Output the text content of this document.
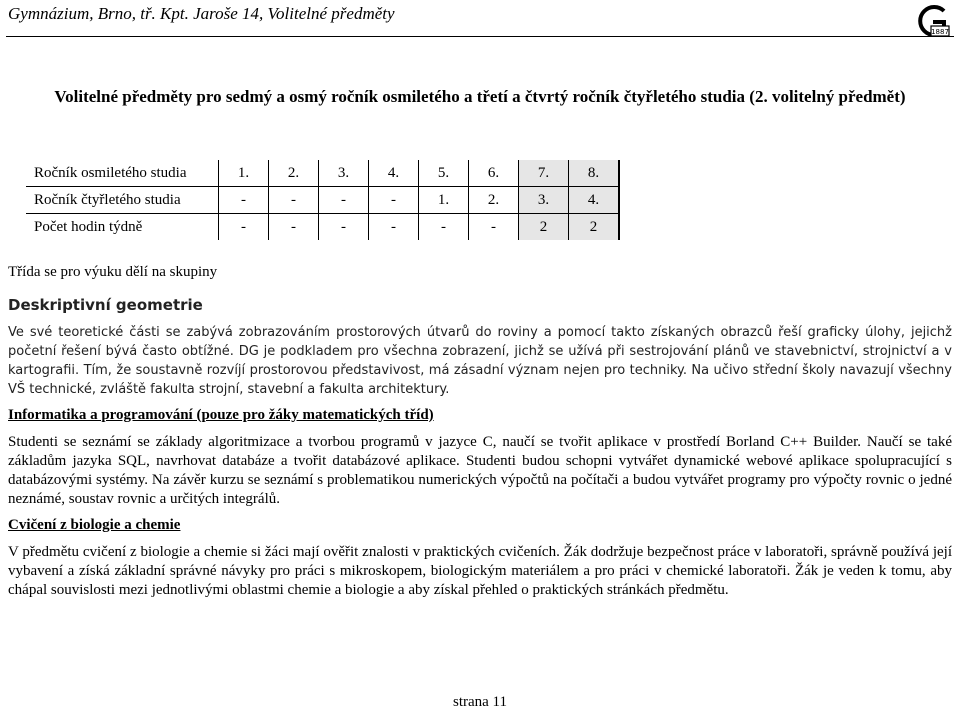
Gymnázium, Brno, tř. Kpt. Jaroše 14, Volitelné předměty
1887
Volitelné předměty pro sedmý a osmý ročník osmiletého a třetí a čtvrtý ročník čtyřletého studia (2. volitelný předmět)
Ročník osmiletého studia	1.	2.	3.	4.	5.	6.	7.	8.
Ročník čtyřletého studia	-	-	-	-	1.	2.	3.	4.
Počet hodin týdně	-	-	-	-	-	-	2	2
Třída se pro výuku dělí na skupiny
Deskriptivní geometrie

Ve své teoretické části se zabývá zobrazováním prostorových útvarů do roviny a pomocí takto získaných obrazců řeší graficky úlohy, jejichž početní řešení bývá často obtížné. DG je podkladem pro všechna zobrazení, jichž se užívá při sestrojování plánů ve stavebnictví, strojnictví a v kartografii. Tím, že soustavně rozvíjí prostorovou představivost, má zásadní význam nejen pro techniky. Na učivo střední školy navazují všechny VŠ technické, zvláště fakulta strojní, stavební a fakulta architektury.

Informatika a programování (pouze pro žáky matematických tříd)

Studenti se seznámí se základy algoritmizace a tvorbou programů v jazyce C, naučí se tvořit aplikace v prostředí Borland C++ Builder. Naučí se také základům jazyka SQL, navrhovat databáze a tvořit databázové aplikace. Studenti budou schopni vytvářet dynamické webové aplikace spolupracující s databázovými systémy. Na závěr kurzu se seznámí s problematikou numerických výpočtů na počítači a budou vytvářet programy pro výpočty rovnic o jedné neznámé, soustav rovnic a určitých integrálů.

Cvičení z biologie a chemie

V předmětu cvičení z biologie a chemie si žáci mají ověřit znalosti v praktických cvičeních. Žák dodržuje bezpečnost práce v laboratoři, správně používá její vybavení a získá základní správné návyky pro práci s mikroskopem, biologickým materiálem a pro práci v chemické laboratoři. Žák je veden k tomu, aby chápal souvislosti mezi jednotlivými oblastmi chemie a biologie a aby získal přehled o praktických stránkách předmětu.

strana 11
